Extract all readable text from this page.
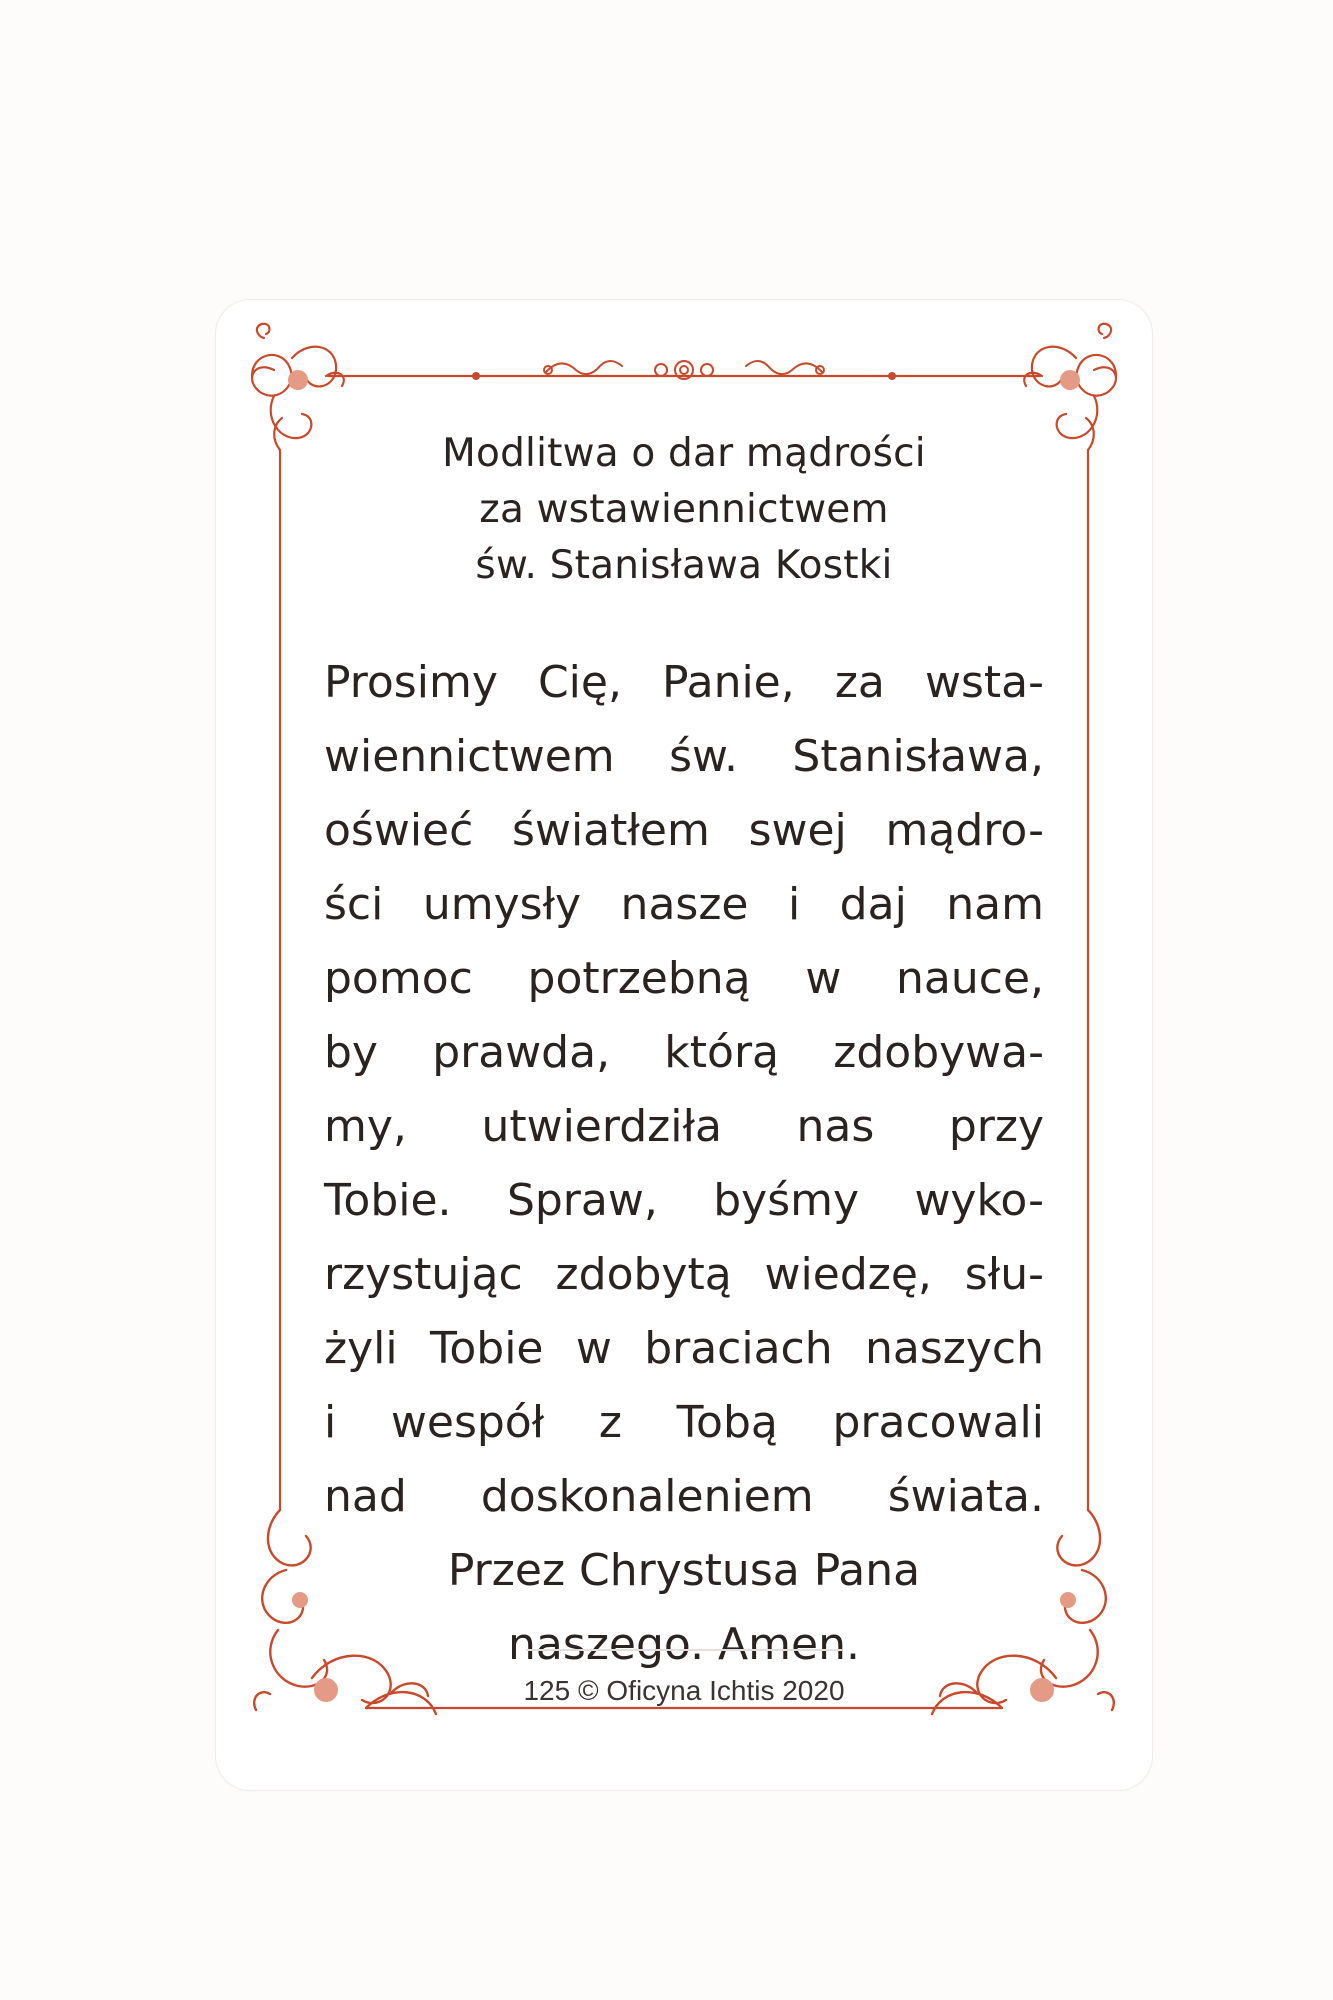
Modlitwa o dar mądrości
za wstawiennictwem
św. Stanisława Kostki
Prosimy Cię, Panie, za wsta-
wiennictwem św. Stanisława,
oświeć światłem swej mądro-
ści umysły nasze i daj nam
pomoc potrzebną w nauce,
by prawda, którą zdobywa-
my, utwierdziła nas przy
Tobie. Spraw, byśmy wyko-
rzystując zdobytą wiedzę, słu-
żyli Tobie w braciach naszych
i wespół z Tobą pracowali
nad doskonaleniem świata.
Przez Chrystusa Pana
naszego. Amen.
125 © Oficyna Ichtis 2020
